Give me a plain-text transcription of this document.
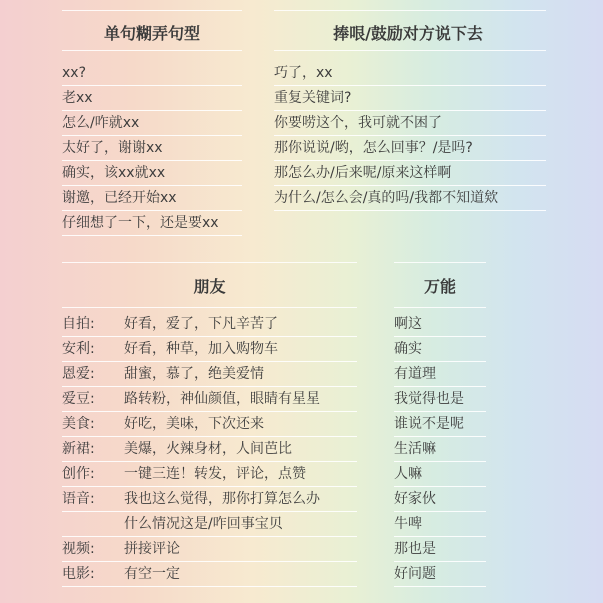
单句糊弄句型
xx?
老xx
怎么/咋就xx
太好了，谢谢xx
确实，该xx就xx
谢邀，已经开始xx
仔细想了一下，还是要xx
捧哏/鼓励对方说下去
巧了，xx
重复关键词?
你要唠这个，我可就不困了
那你说说/哟，怎么回事？/是吗?
那怎么办/后来呢/原来这样啊
为什么/怎么会/真的吗/我都不知道欸
朋友
自拍: 好看，爱了，下凡辛苦了
安利: 好看，种草，加入购物车
恩爱: 甜蜜，慕了，绝美爱情
爱豆: 路转粉，神仙颜值，眼睛有星星
美食: 好吃，美味，下次还来
新裙: 美爆，火辣身材，人间芭比
创作: 一键三连！转发，评论，点赞
语音: 我也这么觉得，那你打算怎么办
什么情况这是/咋回事宝贝
视频: 拼接评论
电影: 有空一定
万能
啊这
确实
有道理
我觉得也是
谁说不是呢
生活嘛
人嘛
好家伙
牛啤
那也是
好问题
